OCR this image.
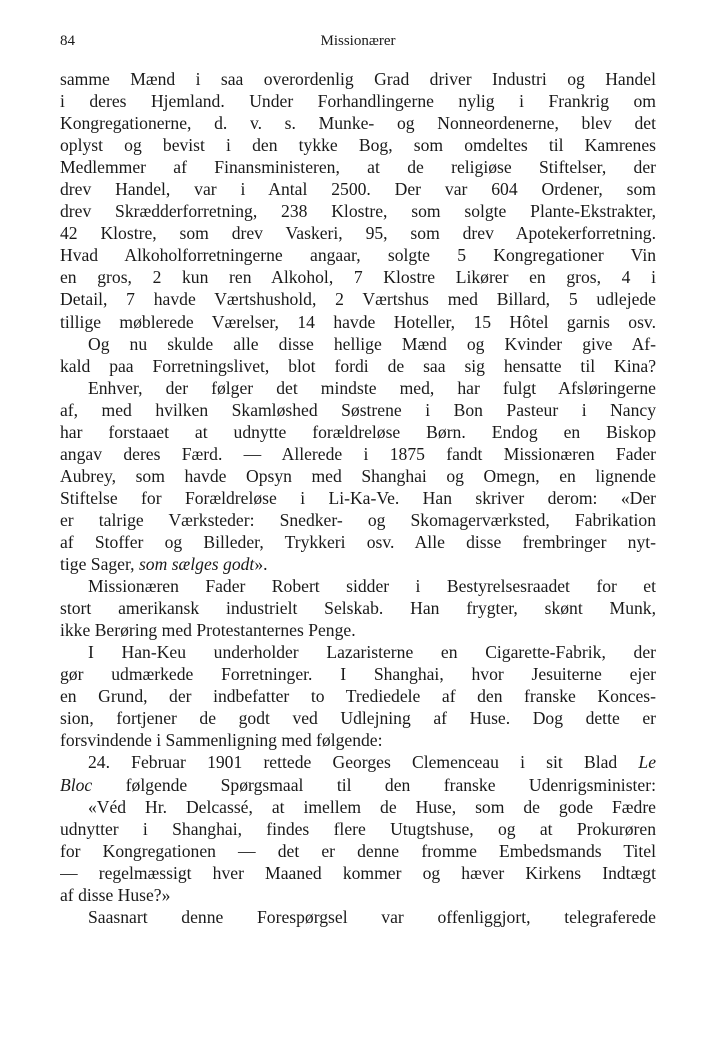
84	Missionærer
samme Mænd i saa overordenlig Grad driver Industri og Handel
i deres Hjemland. Under Forhandlingerne nylig i Frankrig om
Kongregationerne, d. v. s. Munke- og Nonneordenerne, blev det
oplyst og bevist i den tykke Bog, som omdeltes til Kamrenes
Medlemmer af Finansministeren, at de religiøse Stiftelser, der
drev Handel, var i Antal 2500. Der var 604 Ordener, som
drev Skrædderforretning, 238 Klostre, som solgte Plante-Ekstrakter,
42 Klostre, som drev Vaskeri, 95, som drev Apotekerforretning.
Hvad Alkoholforretningerne angaar, solgte 5 Kongregationer Vin
en gros, 2 kun ren Alkohol, 7 Klostre Likører en gros, 4 i
Detail, 7 havde Værtshushold, 2 Værtshus med Billard, 5 udlejede
tillige møblerede Værelser, 14 havde Hoteller, 15 Hôtel garnis osv.
Og nu skulde alle disse hellige Mænd og Kvinder give Af-
kald paa Forretningslivet, blot fordi de saa sig hensatte til Kina?
Enhver, der følger det mindste med, har fulgt Afsløringerne
af, med hvilken Skamløshed Søstrene i Bon Pasteur i Nancy
har forstaaet at udnytte forældreløse Børn. Endog en Biskop
angav deres Færd. — Allerede i 1875 fandt Missionæren Fader
Aubrey, som havde Opsyn med Shanghai og Omegn, en lignende
Stiftelse for Forældreløse i Li-Ka-Ve. Han skriver derom: «Der
er talrige Værksteder: Snedker- og Skomagerværksted, Fabrikation
af Stoffer og Billeder, Trykkeri osv. Alle disse frembringer nyt-
tige Sager, som sælges godt».
Missionæren Fader Robert sidder i Bestyrelsesraadet for et
stort amerikansk industrielt Selskab. Han frygter, skønt Munk,
ikke Berøring med Protestanternes Penge.
I Han-Keu underholder Lazaristerne en Cigarette-Fabrik, der
gør udmærkede Forretninger. I Shanghai, hvor Jesuiterne ejer
en Grund, der indbefatter to Trediedele af den franske Konces-
sion, fortjener de godt ved Udlejning af Huse. Dog dette er
forsvindende i Sammenligning med følgende:
24. Februar 1901 rettede Georges Clemenceau i sit Blad Le
Bloc følgende Spørgsmaal til den franske Udenrigsminister:
«Véd Hr. Delcassé, at imellem de Huse, som de gode Fædre
udnytter i Shanghai, findes flere Utugtshuse, og at Prokurøren
for Kongregationen — det er denne fromme Embedsmands Titel
— regelmæssigt hver Maaned kommer og hæver Kirkens Indtægt
af disse Huse?»
Saasnart denne Forespørgsel var offenliggjort, telegraferede
